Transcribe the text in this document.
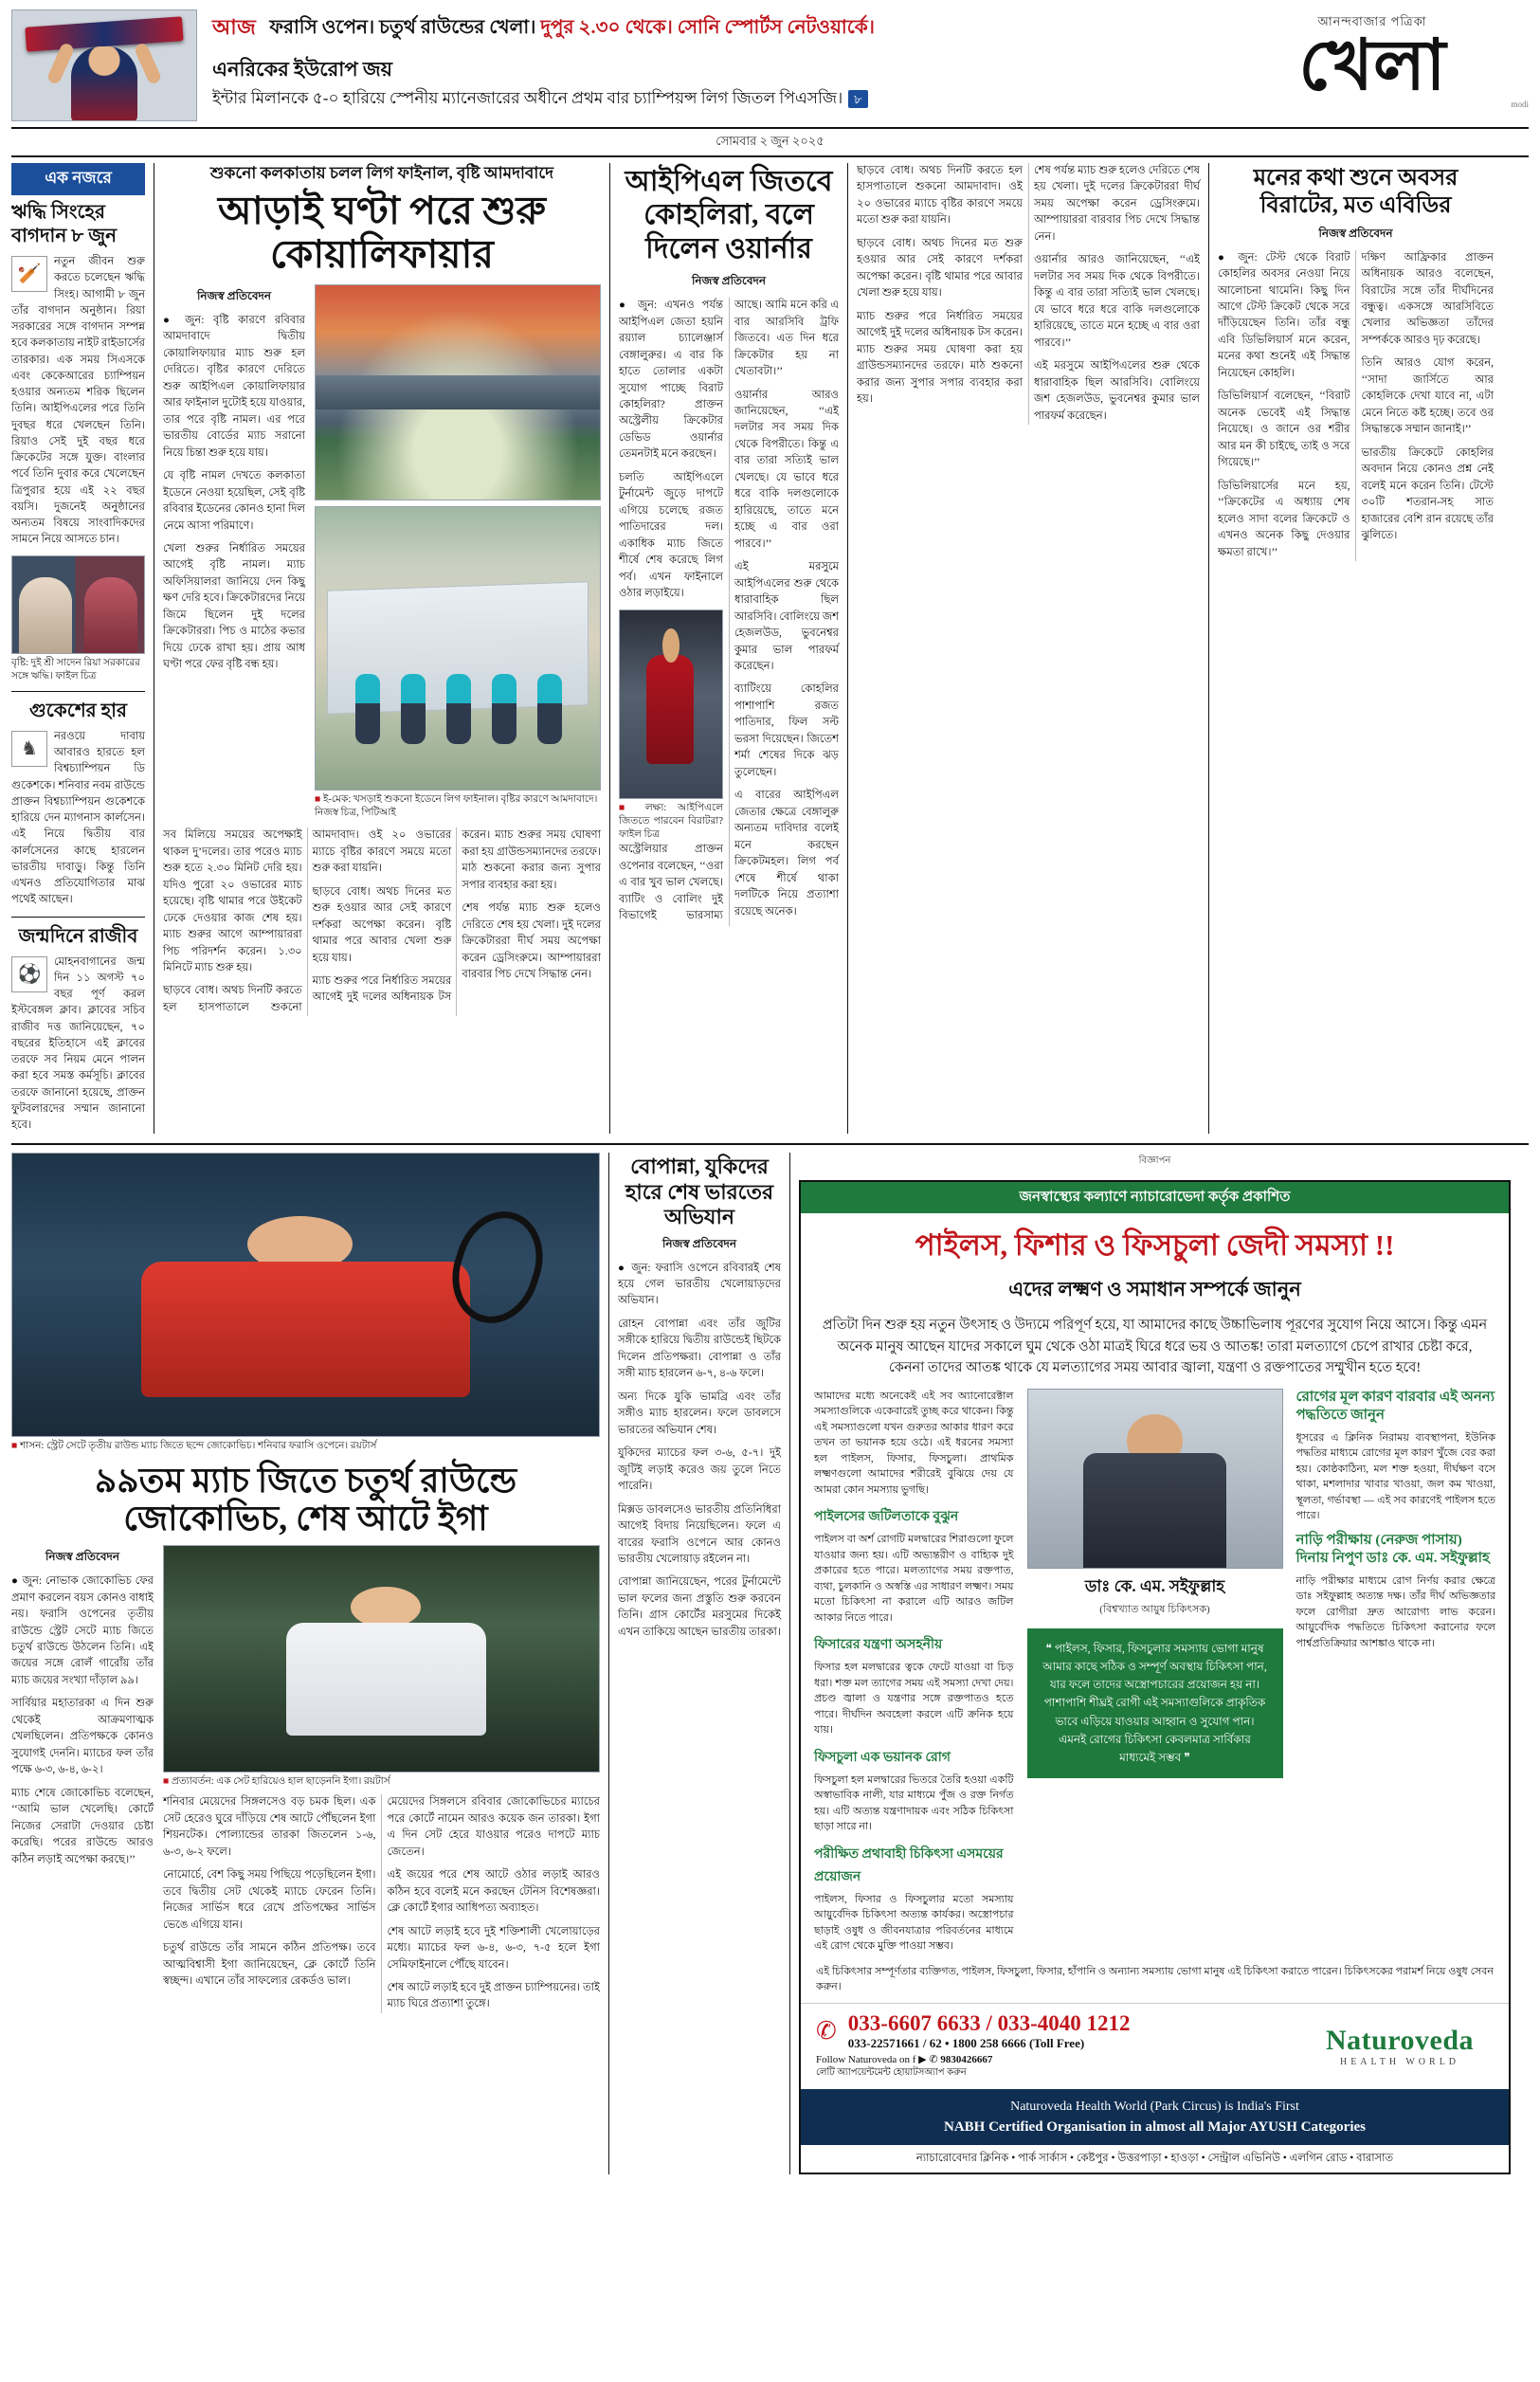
আজ ফরাসি ওপেন। চতুর্থ রাউন্ডের খেলা। দুপুর ২.৩০ থেকে। সোনি স্পোর্টস নেটওয়ার্কে।
এনরিকের ইউরোপ জয়
ইন্টার মিলানকে ৫-০ হারিয়ে স্পেনীয় ম্যানেজারের অধীনে প্রথম বার চ্যাম্পিয়ন্স লিগ জিতল পিএসজি। ৮
আনন্দবাজার পত্রিকা
খেলা	modi
সোমবার ২ জুন ২০২৫
এক নজরে
ঋদ্ধি সিংহের বাগদান ৮ জুন
🏏
নতুন জীবন শুরু করতে চলেছেন ঋদ্ধি সিংহ। আগামী ৮ জুন তাঁর বাগদান অনুষ্ঠান। রিয়া সরকারের সঙ্গে বাগদান সম্পন্ন হবে কলকাতায় নাইট রাইডার্সের তারকার। এক সময় সিএসকে এবং কেকেআরের চ্যাম্পিয়ন হওয়ার অন্যতম শরিক ছিলেন তিনি। আইপিএলের পরে তিনি দুবছর ধরে খেলছেন তিনি। রিয়াও সেই দুই বছর ধরে ক্রিকেটের সঙ্গে যুক্ত। বাংলার পর্বে তিনি দুবার করে খেলেছেন ত্রিপুরার হয়ে এই ২২ বছর বয়সি। দুজনেই অনুষ্ঠানের অন্যতম বিষয়ে সাংবাদিকদের সামনে নিয়ে আসতে চান।
বৃষ্টি: দুই শ্রী সাদেন রিয়া সরকারের সঙ্গে ঋদ্ধি। ফাইল চিত্র
গুকেশের হার
♞
নরওয়ে দাবায় আবারও হারতে হল বিশ্বচ্যাম্পিয়ন ডি গুকেশকে। শনিবার নবম রাউন্ডে প্রাক্তন বিশ্বচ্যাম্পিয়ন গুকেশকে হারিয়ে দেন ম্যাগনাস কার্লসেন। এই নিয়ে দ্বিতীয় বার কার্লসেনের কাছে হারলেন ভারতীয় দাবাড়ু। কিন্তু তিনি এখনও প্রতিযোগিতার মাঝ পথেই আছেন।
জন্মদিনে রাজীব
⚽
মোহনবাগানের জন্ম দিন ১১ অগস্ট ৭০ বছর পূর্ণ করল ইস্টবেঙ্গল ক্লাব। ক্লাবের সচিব রাজীব দত্ত জানিয়েছেন, ৭০ বছরের ইতিহাসে এই ক্লাবের তরফে সব নিয়ম মেনে পালন করা হবে সমস্ত কর্মসূচি। ক্লাবের তরফে জানানো হয়েছে, প্রাক্তন ফুটবলারদের সম্মান জানানো হবে।
শুকনো কলকাতায় চলল লিগ ফাইনাল, বৃষ্টি আমদাবাদে
আড়াই ঘণ্টা পরে শুরু কোয়ালিফায়ার
নিজস্ব প্রতিবেদন

● জুন: বৃষ্টি কারণে রবিবার আমদাবাদে দ্বিতীয় কোয়ালিফায়ার ম্যাচ শুরু হল দেরিতে। বৃষ্টির কারণে দেরিতে শুরু আইপিএল কোয়ালিফায়ার আর ফাইনাল দুটোই হয়ে যাওয়ার, তার পরে বৃষ্টি নামল। এর পরে ভারতীয় বোর্ডের ম্যাচ সরানো নিয়ে চিন্তা শুরু হয়ে যায়।

যে বৃষ্টি নামল দেখতে কলকাতা ইডেনে নেওয়া হয়েছিল, সেই বৃষ্টি রবিবার ইডেনের কোনও হানা দিল নেমে আসা পরিমাণে।

খেলা শুরুর নির্ধারিত সময়ের আগেই বৃষ্টি নামল। ম্যাচ অফিসিয়ালরা জানিয়ে দেন কিছু ক্ষণ দেরি হবে। ক্রিকেটারদের নিয়ে জিমে ছিলেন দুই দলের ক্রিকেটাররা। পিচ ও মাঠের কভার দিয়ে ঢেকে রাখা হয়। প্রায় আধ ঘণ্টা পরে ফের বৃষ্টি বন্ধ হয়।

■ ই-মেক: খসড়াই শুকনো ইডেনে লিগ ফাইনাল। বৃষ্টির কারণে আমদাবাদে। নিজস্ব চিত্র, পিটিআই

সব মিলিয়ে সময়ের অপেক্ষাই থাকল দু’দলের। তার পরেও ম্যাচ শুরু হতে ২.৩০ মিনিট দেরি হয়। যদিও পুরো ২০ ওভারের ম্যাচ হয়েছে। বৃষ্টি থামার পরে উইকেট ঢেকে দেওয়ার কাজ শেষ হয়। ম্যাচ শুরুর আগে আম্পায়াররা পিচ পরিদর্শন করেন। ১.৩০ মিনিটে ম্যাচ শুরু হয়।

ছাড়বে বোধ। অথচ দিনটি করতে হল হাসপাতালে শুকনো আমদাবাদ। ওই ২০ ওভারের ম্যাচে বৃষ্টির কারণে সময়ে মতো শুরু করা যায়নি।

ছাড়বে বোধ। অথচ দিনের মত শুরু হওয়ার আর সেই কারণে দর্শকরা অপেক্ষা করেন। বৃষ্টি থামার পরে আবার খেলা শুরু হয়ে যায়।

ম্যাচ শুরুর পরে নির্ধারিত সময়ের আগেই দুই দলের অধিনায়ক টস করেন। ম্যাচ শুরুর সময় ঘোষণা করা হয় গ্রাউন্ডসম্যানদের তরফে। মাঠ শুকনো করার জন্য সুপার সপার ব্যবহার করা হয়।

শেষ পর্যন্ত ম্যাচ শুরু হলেও দেরিতে শেষ হয় খেলা। দুই দলের ক্রিকেটাররা দীর্ঘ সময় অপেক্ষা করেন ড্রেসিংরুমে। আম্পায়াররা বারবার পিচ দেখে সিদ্ধান্ত নেন।

আইপিএল জিতবে কোহলিরা, বলে দিলেন ওয়ার্নার
নিজস্ব প্রতিবেদন

● জুন: এখনও পর্যন্ত আইপিএল জেতা হয়নি রয়্যাল চ্যালেঞ্জার্স বেঙ্গালুরুর। এ বার কি হাতে তোলার একটা সুযোগ পাচ্ছে বিরাট কোহলিরা? প্রাক্তন অস্ট্রেলীয় ক্রিকেটার ডেভিড ওয়ার্নার তেমনটাই মনে করছেন।

চলতি আইপিএলে টুর্নামেন্ট জুড়ে দাপটে এগিয়ে চলেছে রজত পাতিদারের দল। একাধিক ম্যাচ জিতে শীর্ষে শেষ করেছে লিগ পর্ব। এখন ফাইনালে ওঠার লড়াইয়ে।

■ লক্ষ্য: আইপিএলে জিততে পারবেন বিরাটরা? ফাইল চিত্র

অস্ট্রেলিয়ার প্রাক্তন ওপেনার বলেছেন, ‘‘ওরা এ বার খুব ভাল খেলছে। ব্যাটিং ও বোলিং দুই বিভাগেই ভারসাম্য আছে। আমি মনে করি এ বার আরসিবি ট্রফি জিতবে। এত দিন ধরে ক্রিকেটার হয় না খেতাবটা।’’

ওয়ার্নার আরও জানিয়েছেন, ‘‘এই দলটার সব সময় দিক থেকে বিপরীতে। কিন্তু এ বার তারা সত্যিই ভাল খেলছে। যে ভাবে ধরে ধরে বাকি দলগুলোকে হারিয়েছে, তাতে মনে হচ্ছে এ বার ওরা পারবে।’’

এই মরসুমে আইপিএলের শুরু থেকে ধারাবাহিক ছিল আরসিবি। বোলিংয়ে জশ হেজলউড, ভুবনেশ্বর কুমার ভাল পারফর্ম করেছেন।

ব্যাটিংয়ে কোহলির পাশাপাশি রজত পাতিদার, ফিল সল্ট ভরসা দিয়েছেন। জিতেশ শর্মা শেষের দিকে ঝড় তুলেছেন।

এ বারের আইপিএল জেতার ক্ষেত্রে বেঙ্গালুরু অন্যতম দাবিদার বলেই মনে করছেন ক্রিকেটমহল। লিগ পর্ব শেষে শীর্ষে থাকা দলটিকে নিয়ে প্রত্যাশা রয়েছে অনেক।

ছাড়বে বোধ। অথচ দিনটি করতে হল হাসপাতালে শুকনো আমদাবাদ। ওই ২০ ওভারের ম্যাচে বৃষ্টির কারণে সময়ে মতো শুরু করা যায়নি।

ছাড়বে বোধ। অথচ দিনের মত শুরু হওয়ার আর সেই কারণে দর্শকরা অপেক্ষা করেন। বৃষ্টি থামার পরে আবার খেলা শুরু হয়ে যায়।

ম্যাচ শুরুর পরে নির্ধারিত সময়ের আগেই দুই দলের অধিনায়ক টস করেন। ম্যাচ শুরুর সময় ঘোষণা করা হয় গ্রাউন্ডসম্যানদের তরফে। মাঠ শুকনো করার জন্য সুপার সপার ব্যবহার করা হয়।

শেষ পর্যন্ত ম্যাচ শুরু হলেও দেরিতে শেষ হয় খেলা। দুই দলের ক্রিকেটাররা দীর্ঘ সময় অপেক্ষা করেন ড্রেসিংরুমে। আম্পায়াররা বারবার পিচ দেখে সিদ্ধান্ত নেন।

ওয়ার্নার আরও জানিয়েছেন, ‘‘এই দলটার সব সময় দিক থেকে বিপরীতে। কিন্তু এ বার তারা সত্যিই ভাল খেলছে। যে ভাবে ধরে ধরে বাকি দলগুলোকে হারিয়েছে, তাতে মনে হচ্ছে এ বার ওরা পারবে।’’

এই মরসুমে আইপিএলের শুরু থেকে ধারাবাহিক ছিল আরসিবি। বোলিংয়ে জশ হেজলউড, ভুবনেশ্বর কুমার ভাল পারফর্ম করেছেন।

মনের কথা শুনে অবসর বিরাটের, মত এবিডির
নিজস্ব প্রতিবেদন

● জুন: টেস্ট থেকে বিরাট কোহলির অবসর নেওয়া নিয়ে আলোচনা থামেনি। কিছু দিন আগে টেস্ট ক্রিকেট থেকে সরে দাঁড়িয়েছেন তিনি। তাঁর বন্ধু এবি ডিভিলিয়ার্স মনে করেন, মনের কথা শুনেই এই সিদ্ধান্ত নিয়েছেন কোহলি।

ডিভিলিয়ার্স বলেছেন, ‘‘বিরাট অনেক ভেবেই এই সিদ্ধান্ত নিয়েছে। ও জানে ওর শরীর আর মন কী চাইছে, তাই ও সরে গিয়েছে।’’

ডিভিলিয়ার্সের মনে হয়, ‘‘ক্রিকেটের এ অধ্যায় শেষ হলেও সাদা বলের ক্রিকেটে ও এখনও অনেক কিছু দেওয়ার ক্ষমতা রাখে।’’

দক্ষিণ আফ্রিকার প্রাক্তন অধিনায়ক আরও বলেছেন, বিরাটের সঙ্গে তাঁর দীর্ঘদিনের বন্ধুত্ব। একসঙ্গে আরসিবিতে খেলার অভিজ্ঞতা তাঁদের সম্পর্ককে আরও দৃঢ় করেছে।

তিনি আরও যোগ করেন, ‘‘সাদা জার্সিতে আর কোহলিকে দেখা যাবে না, এটা মেনে নিতে কষ্ট হচ্ছে। তবে ওর সিদ্ধান্তকে সম্মান জানাই।’’

ভারতীয় ক্রিকেটে কোহলির অবদান নিয়ে কোনও প্রশ্ন নেই বলেই মনে করেন তিনি। টেস্টে ৩০টি শতরান-সহ সাত হাজারের বেশি রান রয়েছে তাঁর ঝুলিতে।

■ শাসন: স্ট্রেট সেটে তৃতীয় রাউন্ড ম্যাচ জিতে ছন্দে জোকোভিচ। শনিবার ফরাসি ওপেনে। রয়টার্স
৯৯তম ম্যাচ জিতে চতুর্থ রাউন্ডে জোকোভিচ, শেষ আটে ইগা
নিজস্ব প্রতিবেদন

● জুন: নোভাক জোকোভিচ ফের প্রমাণ করলেন বয়স কোনও বাধাই নয়। ফরাসি ওপেনের তৃতীয় রাউন্ডে স্ট্রেট সেটে ম্যাচ জিতে চতুর্থ রাউন্ডে উঠলেন তিনি। এই জয়ের সঙ্গে রোলঁ গারোঁয় তাঁর ম্যাচ জয়ের সংখ্যা দাঁড়াল ৯৯।

সার্বিয়ার মহাতারকা এ দিন শুরু থেকেই আক্রমণাত্মক খেলছিলেন। প্রতিপক্ষকে কোনও সুযোগই দেননি। ম্যাচের ফল তাঁর পক্ষে ৬-৩, ৬-৪, ৬-২।

ম্যাচ শেষে জোকোভিচ বলেছেন, ‘‘আমি ভাল খেলেছি। কোর্টে নিজের সেরাটা দেওয়ার চেষ্টা করেছি। পরের রাউন্ডে আরও কঠিন লড়াই অপেক্ষা করছে।’’

■ প্রত্যাবর্তন: এক সেট হারিয়েও হাল ছাড়েননি ইগা। রয়টার্স

শনিবার মেয়েদের সিঙ্গলসেও বড় চমক ছিল। এক সেট হেরেও ঘুরে দাঁড়িয়ে শেষ আটে পৌঁছলেন ইগা শিয়নটেক। পোল্যান্ডের তারকা জিতলেন ১-৬, ৬-৩, ৬-২ ফলে।

নোমোর্চে, বেশ কিছু সময় পিছিয়ে পড়েছিলেন ইগা। তবে দ্বিতীয় সেট থেকেই ম্যাচে ফেরেন তিনি। নিজের সার্ভিস ধরে রেখে প্রতিপক্ষের সার্ভিস ভেঙে এগিয়ে যান।

চতুর্থ রাউন্ডে তাঁর সামনে কঠিন প্রতিপক্ষ। তবে আত্মবিশ্বাসী ইগা জানিয়েছেন, ক্লে কোর্টে তিনি স্বচ্ছন্দ। এখানে তাঁর সাফল্যের রেকর্ডও ভাল।

মেয়েদের সিঙ্গলসে রবিবার জোকোভিচের ম্যাচের পরে কোর্টে নামেন আরও কয়েক জন তারকা। ইগা এ দিন সেট হেরে যাওয়ার পরেও দাপটে ম্যাচ জেতেন।

এই জয়ের পরে শেষ আটে ওঠার লড়াই আরও কঠিন হবে বলেই মনে করছেন টেনিস বিশেষজ্ঞরা। ক্লে কোর্টে ইগার আধিপত্য অব্যাহত।

শেষ আটে লড়াই হবে দুই শক্তিশালী খেলোয়াড়ের মধ্যে। ম্যাচের ফল ৬-৪, ৬-৩, ৭-৫ হলে ইগা সেমিফাইনালে পৌঁছে যাবেন।

শেষ আটে লড়াই হবে দুই প্রাক্তন চ্যাম্পিয়নের। তাই ম্যাচ ঘিরে প্রত্যাশা তুঙ্গে।

বোপান্না, যুকিদের হারে শেষ ভারতের অভিযান
নিজস্ব প্রতিবেদন

● জুন: ফরাসি ওপেনে রবিবারই শেষ হয়ে গেল ভারতীয় খেলোয়াড়দের অভিযান।

রোহন বোপান্না এবং তাঁর জুটির সঙ্গীকে হারিয়ে দ্বিতীয় রাউন্ডেই ছিটকে দিলেন প্রতিপক্ষরা। বোপান্না ও তাঁর সঙ্গী ম্যাচ হারলেন ৬-৭, ৪-৬ ফলে।

অন্য দিকে যুকি ভামব্রি এবং তাঁর সঙ্গীও ম্যাচ হারলেন। ফলে ডাবলসে ভারতের অভিযান শেষ।

যুকিদের ম্যাচের ফল ৩-৬, ৫-৭। দুই জুটিই লড়াই করেও জয় তুলে নিতে পারেনি।

মিক্সড ডাবলসেও ভারতীয় প্রতিনিধিরা আগেই বিদায় নিয়েছিলেন। ফলে এ বারের ফরাসি ওপেনে আর কোনও ভারতীয় খেলোয়াড় রইলেন না।

বোপান্না জানিয়েছেন, পরের টুর্নামেন্টে ভাল ফলের জন্য প্রস্তুতি শুরু করবেন তিনি। গ্রাস কোর্টের মরসুমের দিকেই এখন তাকিয়ে আছেন ভারতীয় তারকা।

বিজ্ঞাপন
জনস্বাস্থ্যের কল্যাণে ন্যাচারোভেদা কর্তৃক প্রকাশিত
পাইলস, ফিশার ও ফিসচুলা জেদী সমস্যা !!
এদের লক্ষ্মণ ও সমাধান সম্পর্কে জানুন
প্রতিটা দিন শুরু হয় নতুন উৎসাহ ও উদ্যমে পরিপূর্ণ হয়ে, যা আমাদের কাছে উচ্চাভিলাষ পূরণের সুযোগ নিয়ে আসে। কিন্তু এমন অনেক মানুষ আছেন যাদের সকালে ঘুম থেকে ওঠা মাত্রই ঘিরে ধরে ভয় ও আতঙ্ক! তারা মলত্যাগে চেপে রাখার চেষ্টা করে, কেননা তাদের আতঙ্ক থাকে যে মলত্যাগের সময় আবার জ্বালা, যন্ত্রণা ও রক্তপাতের সম্মুখীন হতে হবে!
আমাদের মধ্যে অনেকেই এই সব অ্যানোরেক্টাল সমস্যাগুলিকে একেবারেই তুচ্ছ করে থাকেন। কিন্তু এই সমস্যাগুলো যখন গুরুতর আকার ধারণ করে তখন তা ভয়ানক হয়ে ওঠে। এই ধরনের সমস্যা হল পাইলস, ফিসার, ফিসচুলা। প্রাথমিক লক্ষ্মণগুলো আমাদের শরীরেই বুঝিয়ে দেয় যে আমরা কোন সমস্যায় ভুগছি।
পাইলসের জটিলতাকে বুঝুন
পাইলস বা অর্শ রোগটি মলদ্বারের শিরাগুলো ফুলে যাওয়ার জন্য হয়। এটি অভ্যন্তরীণ ও বাহ্যিক দুই প্রকারের হতে পারে। মলত্যাগের সময় রক্তপাত, ব্যথা, চুলকানি ও অস্বস্তি এর সাধারণ লক্ষ্মণ। সময় মতো চিকিৎসা না করালে এটি আরও জটিল আকার নিতে পারে।
ফিসারের যন্ত্রণা অসহনীয়
ফিসার হল মলদ্বারের ত্বকে ফেটে যাওয়া বা চিড় ধরা। শক্ত মল ত্যাগের সময় এই সমস্যা দেখা দেয়। প্রচণ্ড জ্বালা ও যন্ত্রণার সঙ্গে রক্তপাতও হতে পারে। দীর্ঘদিন অবহেলা করলে এটি ক্রনিক হয়ে যায়।
ফিসচুলা এক ভয়ানক রোগ
ফিসচুলা হল মলদ্বারের ভিতরে তৈরি হওয়া একটি অস্বাভাবিক নালী, যার মাধ্যমে পুঁজ ও রক্ত নির্গত হয়। এটি অত্যন্ত যন্ত্রণাদায়ক এবং সঠিক চিকিৎসা ছাড়া সারে না।
পরীক্ষিত প্রথাবাহী চিকিৎসা এসময়ের প্রয়োজন
পাইলস, ফিসার ও ফিসচুলার মতো সমস্যায় আয়ুর্বেদিক চিকিৎসা অত্যন্ত কার্যকর। অস্ত্রোপচার ছাড়াই ওষুধ ও জীবনযাত্রার পরিবর্তনের মাধ্যমে এই রোগ থেকে মুক্তি পাওয়া সম্ভব।
ডাঃ কে. এম. সইফুল্লাহ
(বিশ্বখ্যাত আয়ুষ চিকিৎসক)
❝ পাইলস, ফিসার, ফিসচুলার সমস্যায় ভোগা মানুষ আমার কাছে সঠিক ও সম্পূর্ণ অবস্থায় চিকিৎসা পান, যার ফলে তাদের অস্ত্রোপচারের প্রয়োজন হয় না। পাশাপাশি শীঘ্রই রোগী এই সমস্যাগুলিকে প্রাকৃতিক ভাবে এড়িয়ে যাওয়ার আহ্বান ও সুযোগ পান। এমনই রোগের চিকিৎসা কেবলমাত্র সার্বিকার মাধ্যমেই সম্ভব ❞
রোগের মূল কারণ বারবার এই অনন্য পদ্ধতিতে জানুন
ধূসরের এ ক্লিনিক নিরাময় ব্যবস্থাপনা, ইউনিক পদ্ধতির মাধ্যমে রোগের মূল কারণ খুঁজে বের করা হয়। কোষ্ঠকাঠিন্য, মল শক্ত হওয়া, দীর্ঘক্ষণ বসে থাকা, মশলাদার খাবার খাওয়া, জল কম খাওয়া, স্থূলতা, গর্ভাবস্থা — এই সব কারণেই পাইলস হতে পারে।
নাড়ি পরীক্ষায় (নেরুজ পাসায়) দিনায় নিপুণ ডাঃ কে. এম. সইফুল্লাহ
নাড়ি পরীক্ষার মাধ্যমে রোগ নির্ণয় করার ক্ষেত্রে ডাঃ সইফুল্লাহ অত্যন্ত দক্ষ। তাঁর দীর্ঘ অভিজ্ঞতার ফলে রোগীরা দ্রুত আরোগ্য লাভ করেন। আয়ুর্বেদিক পদ্ধতিতে চিকিৎসা করানোর ফলে পার্শ্বপ্রতিক্রিয়ার আশঙ্কাও থাকে না।
এই চিকিৎসার সম্পূর্ণতার ব্যক্তিগত, পাইলস, ফিসচুলা, ফিসার, হাঁপানি ও অন্যান্য সমস্যায় ভোগা মানুষ এই চিকিৎসা করাতে পারেন। চিকিৎসকের পরামর্শ নিয়ে ওষুধ সেবন করুন।
✆ 033-6607 6633 / 033-4040 1212
033-22571661 / 62 • 1800 258 6666 (Toll Free)
Follow Naturoveda on f ▶ ✆ 9830426667
লেটি অ্যাপয়েন্টমেন্ট হোয়াটসঅ্যাপ করুন
Naturoveda
HEALTH WORLD
Naturoveda Health World (Park Circus) is India's First
NABH Certified Organisation in almost all Major AYUSH Categories
ন্যাচারোবেদার ক্লিনিক • পার্ক সার্কাস • কেষ্টপুর • উত্তরপাড়া • হাওড়া • সেন্ট্রাল এভিনিউ • এলগিন রোড • বারাসাত
